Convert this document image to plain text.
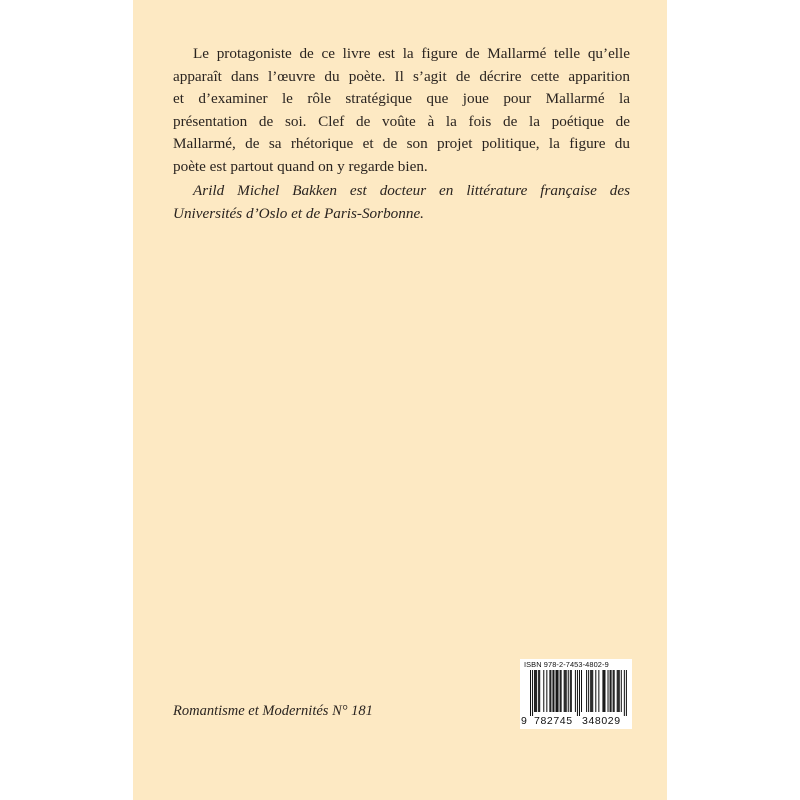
Le protagoniste de ce livre est la figure de Mallarmé telle qu’elle
apparaît dans l’œuvre du poète. Il s’agit de décrire cette apparition
et d’examiner le rôle stratégique que joue pour Mallarmé la
présentation de soi. Clef de voûte à la fois de la poétique de
Mallarmé, de sa rhétorique et de son projet politique, la figure du
poète est partout quand on y regarde bien.

Arild Michel Bakken est docteur en littérature française des
Universités d’Oslo et de Paris-Sorbonne.

Romantisme et Modernités N° 181
ISBN 978-2-7453-4802-9
9 782745 348029
